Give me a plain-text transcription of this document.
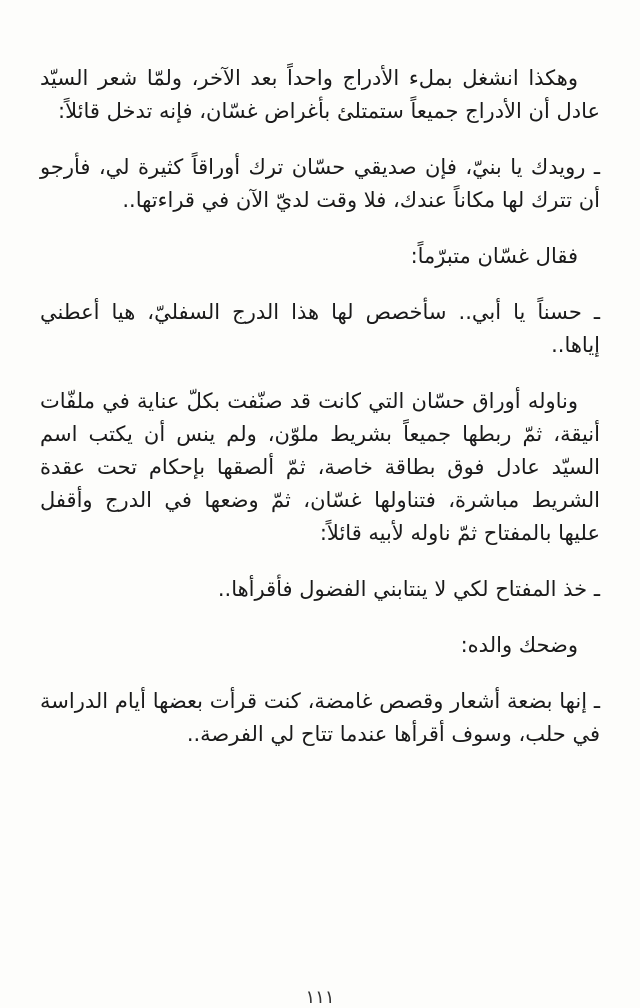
وهكذا انشغل بملء الأدراج واحداً بعد الآخر، ولمّا شعر السيّد عادل أن الأدراج جميعاً ستمتلئ بأغراض غسّان، فإنه تدخل قائلاً:

ـ رويدك يا بنيّ، فإن صديقي حسّان ترك أوراقاً كثيرة لي، فأرجو أن تترك لها مكاناً عندك، فلا وقت لديّ الآن في قراءتها..

فقال غسّان متبرّماً:

ـ حسناً يا أبي.. سأخصص لها هذا الدرج السفليّ، هيا أعطني إياها..

وناوله أوراق حسّان التي كانت قد صنّفت بكلّ عناية في ملفّات أنيقة، ثمّ ربطها جميعاً بشريط ملوّن، ولم ينس أن يكتب اسم السيّد عادل فوق بطاقة خاصة، ثمّ ألصقها بإحكام تحت عقدة الشريط مباشرة، فتناولها غسّان، ثمّ وضعها في الدرج وأقفل عليها بالمفتاح ثمّ ناوله لأبيه قائلاً:

ـ خذ المفتاح لكي لا ينتابني الفضول فأقرأها..

وضحك والده:

ـ إنها بضعة أشعار وقصص غامضة، كنت قرأت بعضها أيام الدراسة في حلب، وسوف أقرأها عندما تتاح لي الفرصة..

١١١
